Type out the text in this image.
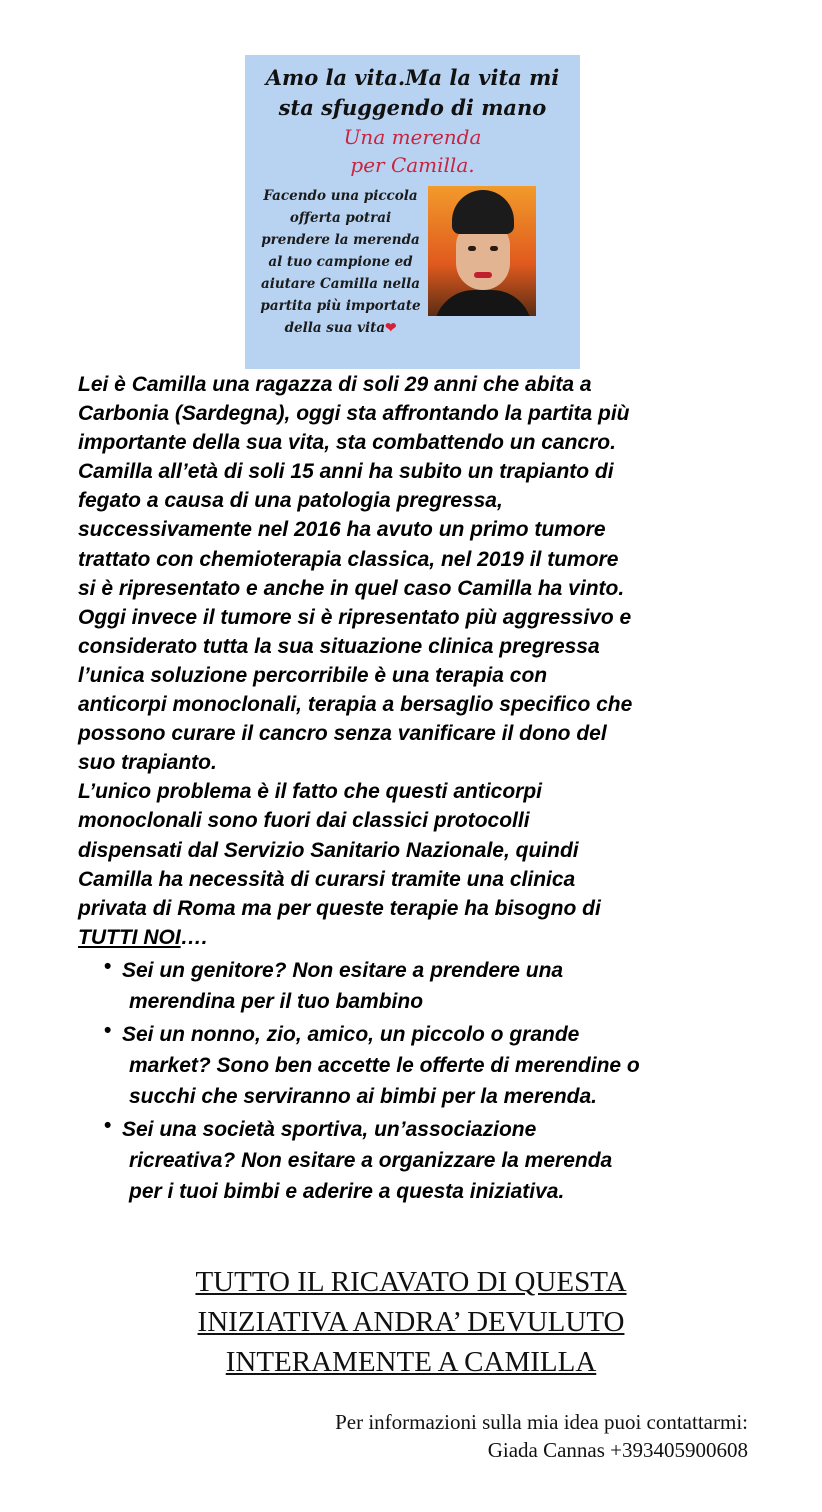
Amo la vita.Ma la vita mi
sta sfuggendo di mano
Una merenda
per Camilla.
Facendo una piccola
offerta potrai
prendere la merenda
al tuo campione ed
aiutare Camilla nella
partita più importate
della sua vita❤
Lei è Camilla una ragazza di soli 29 anni che abita a
Carbonia (Sardegna), oggi sta affrontando la partita più
importante della sua vita, sta combattendo un cancro.
Camilla all’età di soli 15 anni ha subito un trapianto di
fegato a causa di una patologia pregressa,
successivamente nel 2016 ha avuto un primo tumore
trattato con chemioterapia classica, nel 2019 il tumore
si è ripresentato e anche in quel caso Camilla ha vinto.
Oggi invece il tumore si è ripresentato più aggressivo e
considerato tutta la sua situazione clinica pregressa
l’unica soluzione percorribile è una terapia con
anticorpi monoclonali, terapia a bersaglio specifico che
possono curare il cancro senza vanificare il dono del
suo trapianto.
L’unico problema è il fatto che questi anticorpi
monoclonali sono fuori dai classici protocolli
dispensati dal Servizio Sanitario Nazionale, quindi
Camilla ha necessità di curarsi tramite una clinica
privata di Roma ma per queste terapie ha bisogno di
TUTTI NOI….
• Sei un genitore? Non esitare a prendere una
merendina per il tuo bambino
• Sei un nonno, zio, amico, un piccolo o grande
market? Sono ben accette le offerte di merendine o
succhi che serviranno ai bimbi per la merenda.
• Sei una società sportiva, un’associazione
ricreativa? Non esitare a organizzare la merenda
per i tuoi bimbi e aderire a questa iniziativa.
TUTTO IL RICAVATO DI QUESTA
INIZIATIVA ANDRA’ DEVULUTO
INTERAMENTE A CAMILLA
Per informazioni sulla mia idea puoi contattarmi:
Giada Cannas +393405900608
